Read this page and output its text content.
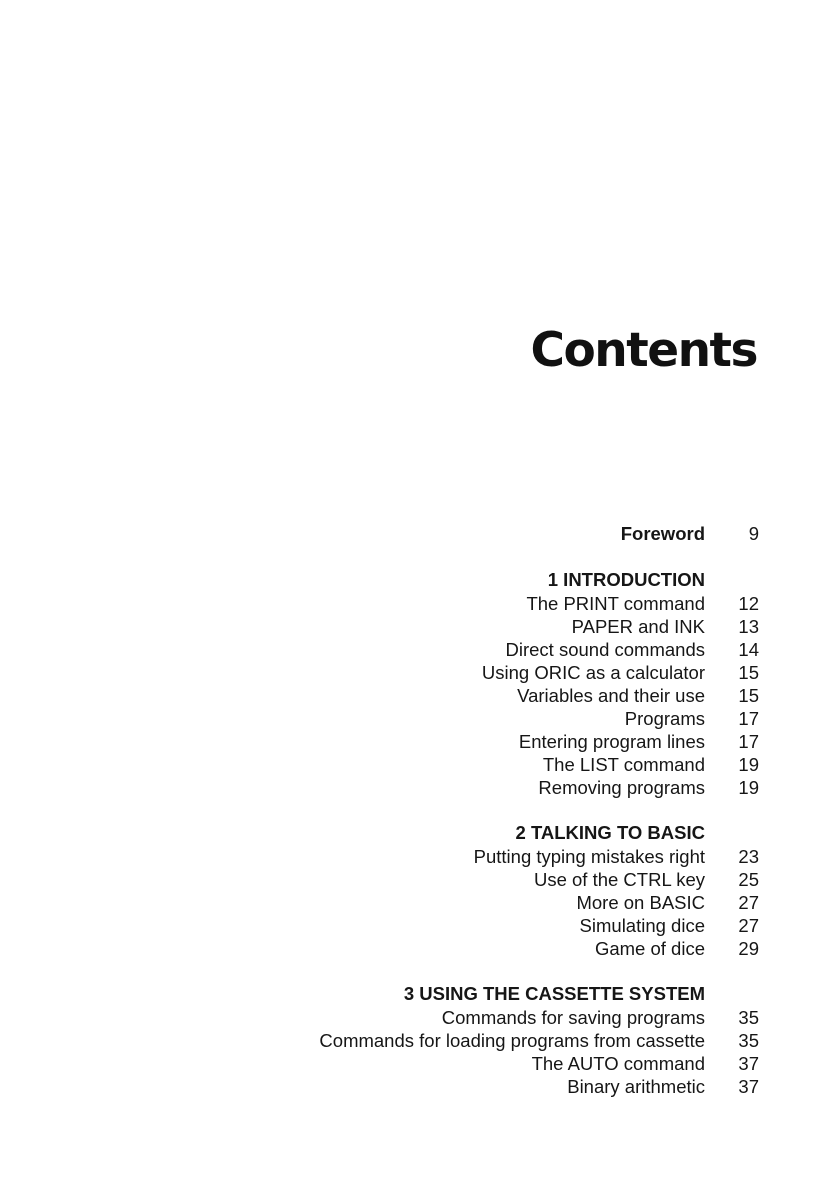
Contents
Foreword	9
1 INTRODUCTION
The PRINT command	12
PAPER and INK	13
Direct sound commands	14
Using ORIC as a calculator	15
Variables and their use	15
Programs	17
Entering program lines	17
The LIST command	19
Removing programs	19
2 TALKING TO BASIC
Putting typing mistakes right	23
Use of the CTRL key	25
More on BASIC	27
Simulating dice	27
Game of dice	29
3 USING THE CASSETTE SYSTEM
Commands for saving programs	35
Commands for loading programs from cassette	35
The AUTO command	37
Binary arithmetic	37
